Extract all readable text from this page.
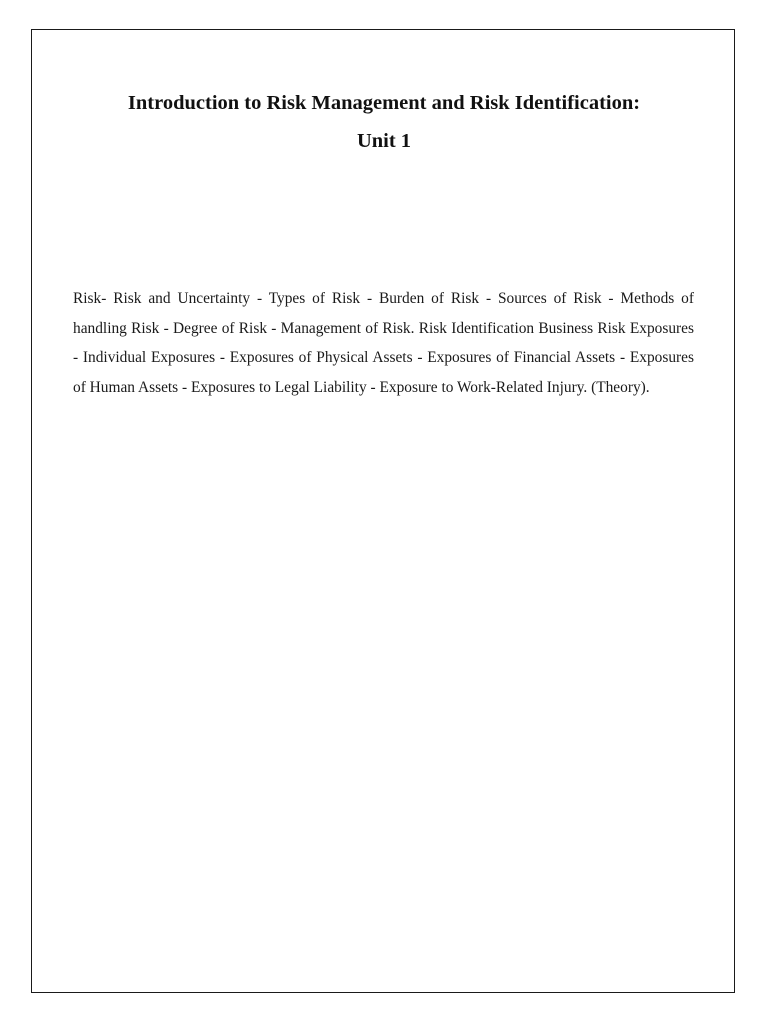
Introduction to Risk Management and Risk Identification:
Unit 1

Risk- Risk and Uncertainty - Types of Risk - Burden of Risk - Sources of Risk - Methods of handling Risk - Degree of Risk - Management of Risk. Risk Identification Business Risk Exposures - Individual Exposures - Exposures of Physical Assets - Exposures of Financial Assets - Exposures of Human Assets - Exposures to Legal Liability - Exposure to Work-Related Injury. (Theory).
